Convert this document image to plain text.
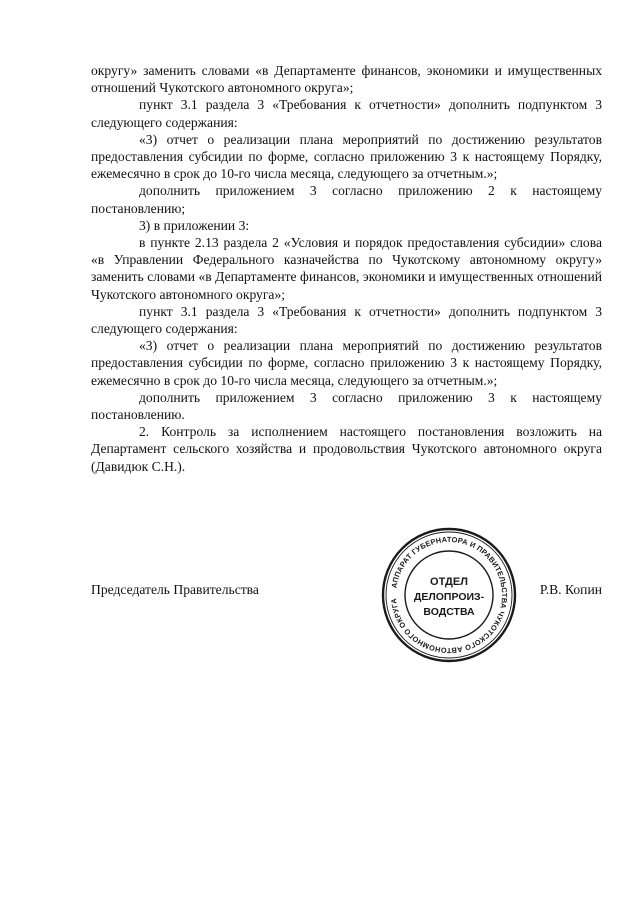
округу» заменить словами «в Департаменте финансов, экономики и имущественных отношений Чукотского автономного округа»;

пункт 3.1 раздела 3 «Требования к отчетности» дополнить подпунктом 3 следующего содержания:

«3) отчет о реализации плана мероприятий по достижению результатов предоставления субсидии по форме, согласно приложению 3 к настоящему Порядку, ежемесячно в срок до 10-го числа месяца, следующего за отчетным.»;

дополнить приложением 3 согласно приложению 2 к настоящему постановлению;

3) в приложении 3:

в пункте 2.13 раздела 2 «Условия и порядок предоставления субсидии» слова «в Управлении Федерального казначейства по Чукотскому автономному округу» заменить словами «в Департаменте финансов, экономики и имущественных отношений Чукотского автономного округа»;

пункт 3.1 раздела 3 «Требования к отчетности» дополнить подпунктом 3 следующего содержания:

«3) отчет о реализации плана мероприятий по достижению результатов предоставления субсидии по форме, согласно приложению 3 к настоящему Порядку, ежемесячно в срок до 10-го числа месяца, следующего за отчетным.»;

дополнить приложением 3 согласно приложению 3 к настоящему постановлению.

2. Контроль за исполнением настоящего постановления возложить на Департамент сельского хозяйства и продовольствия Чукотского автономного округа (Давидюк С.Н.).

Председатель Правительства	Р.В. Копин
АППАРАТ ГУБЕРНАТОРА И ПРАВИТЕЛЬСТВА ЧУКОТСКОГО АВТОНОМНОГО ОКРУГА
ОТДЕЛ
ДЕЛОПРОИЗ-
ВОДСТВА
